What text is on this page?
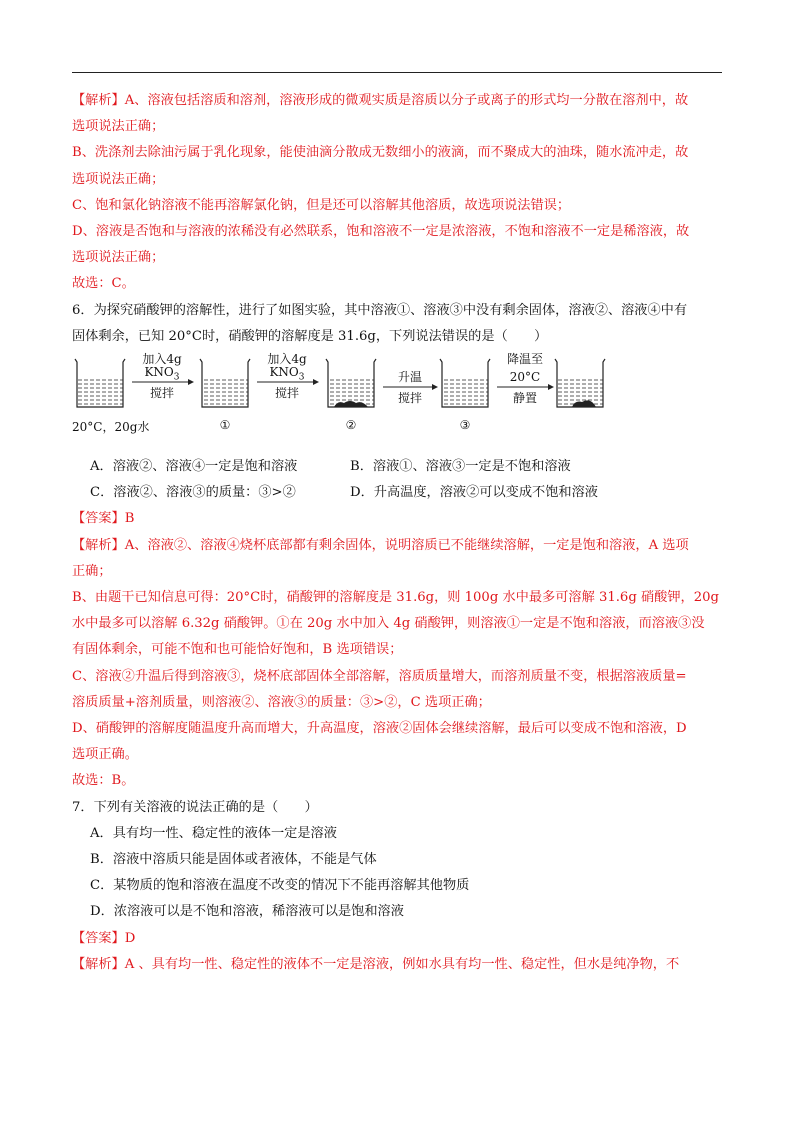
【解析】A、溶液包括溶质和溶剂，溶液形成的微观实质是溶质以分子或离子的形式均一分散在溶剂中，故

选项说法正确；

B、洗涤剂去除油污属于乳化现象，能使油滴分散成无数细小的液滴，而不聚成大的油珠，随水流冲走，故

选项说法正确；

C、饱和氯化钠溶液不能再溶解氯化钠，但是还可以溶解其他溶质，故选项说法错误；

D、溶液是否饱和与溶液的浓稀没有必然联系，饱和溶液不一定是浓溶液，不饱和溶液不一定是稀溶液，故

选项说法正确；

故选：C。

6．为探究硝酸钾的溶解性，进行了如图实验，其中溶液①、溶液③中没有剩余固体，溶液②、溶液④中有

固体剩余，已知 20°C时，硝酸钾的溶解度是 31.6g，下列说法错误的是（　　）

加入4g
$KNO_3$
搅拌
加入4g
$KNO_3$
搅拌
升温
搅拌
降温至
20°C
静置
20°C，20g水	①	②	③
A．溶液②、溶液④一定是饱和溶液	B．溶液①、溶液③一定是不饱和溶液
C．溶液②、溶液③的质量：③>②	D．升高温度，溶液②可以变成不饱和溶液

【答案】B

【解析】A、溶液②、溶液④烧杯底部都有剩余固体，说明溶质已不能继续溶解，一定是饱和溶液，A 选项

正确；

B、由题干已知信息可得：20°C时，硝酸钾的溶解度是 31.6g，则 100g 水中最多可溶解 31.6g 硝酸钾，20g

水中最多可以溶解 6.32g 硝酸钾。①在 20g 水中加入 4g 硝酸钾，则溶液①一定是不饱和溶液，而溶液③没

有固体剩余，可能不饱和也可能恰好饱和，B 选项错误；

C、溶液②升温后得到溶液③，烧杯底部固体全部溶解，溶质质量增大，而溶剂质量不变，根据溶液质量=

溶质质量+溶剂质量，则溶液②、溶液③的质量：③>②，C 选项正确；

D、硝酸钾的溶解度随温度升高而增大，升高温度，溶液②固体会继续溶解，最后可以变成不饱和溶液，D

选项正确。

故选：B。

7．下列有关溶液的说法正确的是（　　）

A．具有均一性、稳定性的液体一定是溶液

B．溶液中溶质只能是固体或者液体，不能是气体

C．某物质的饱和溶液在温度不改变的情况下不能再溶解其他物质

D．浓溶液可以是不饱和溶液，稀溶液可以是饱和溶液

【答案】D

【解析】A 、具有均一性、稳定性的液体不一定是溶液，例如水具有均一性、稳定性，但水是纯净物，不
